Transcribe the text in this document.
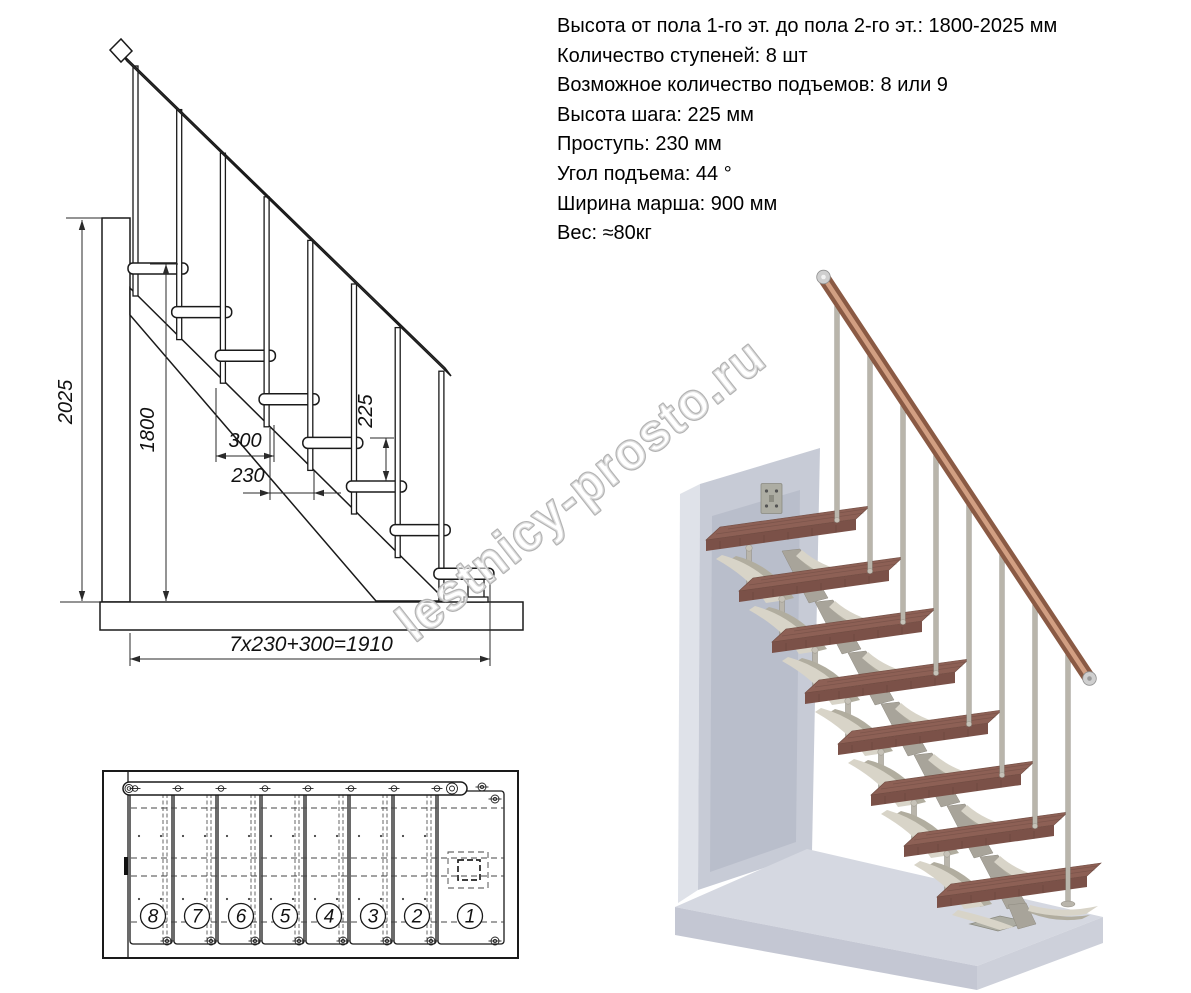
2025
1800	300
230
225
7x230+300=1910
8 7 6 5 4 3 2 1
Высота от пола 1-го эт. до пола 2-го эт.: 1800-2025 мм
Количество ступеней: 8 шт
Возможное количество подъемов: 8 или 9
Высота шага: 225 мм
Проступь: 230 мм
Угол подъема: 44 °
Ширина марша: 900 мм
Вес: ≈80кг
lestnicy-prosto.ru
